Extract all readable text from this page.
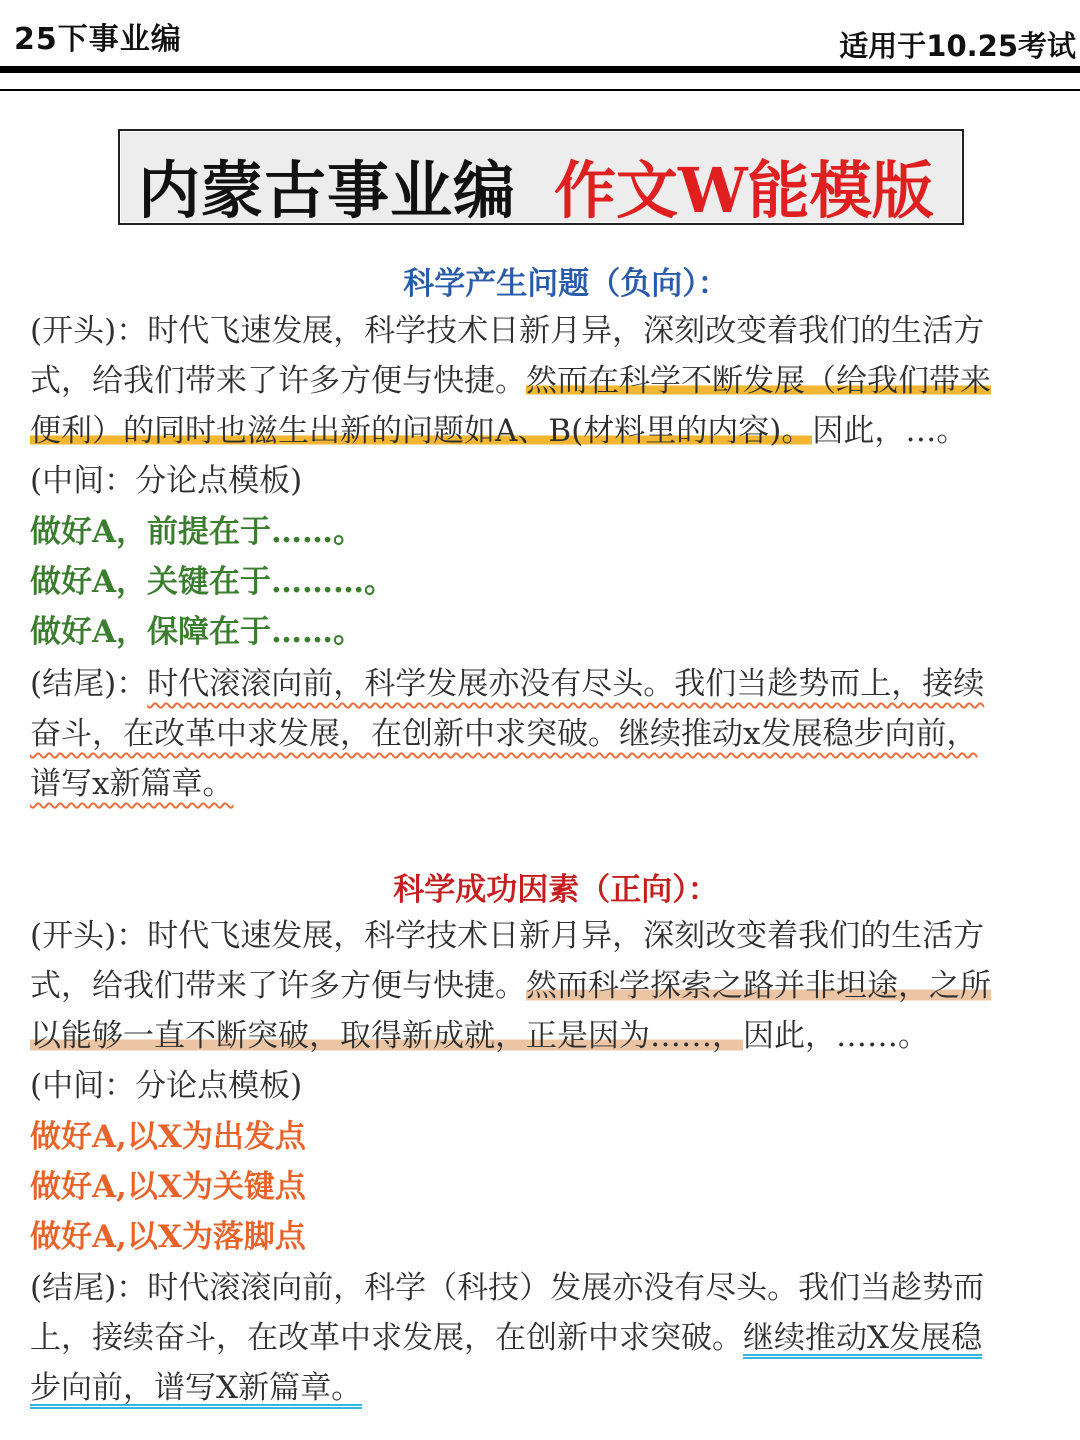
25下事业编	适用于10.25考试
内蒙古事业编 作文W能模版
科学产生问题（负向）：
(开头)：时代飞速发展，科学技术日新月异，深刻改变着我们的生活方
式，给我们带来了许多方便与快捷。然而在科学不断发展（给我们带来
便利）的同时也滋生出新的问题如A、B(材料里的内容)。因此，…。
(中间：分论点模板)
做好A，前提在于……。
做好A，关键在于………。
做好A，保障在于……。
(结尾)：时代滚滚向前，科学发展亦没有尽头。我们当趁势而上，接续
奋斗，在改革中求发展，在创新中求突破。继续推动x发展稳步向前，
谱写x新篇章。
科学成功因素（正向）：
(开头)：时代飞速发展，科学技术日新月异，深刻改变着我们的生活方
式，给我们带来了许多方便与快捷。然而科学探索之路并非坦途，之所
以能够一直不断突破，取得新成就，正是因为……，因此，……。
(中间：分论点模板)
做好A,以X为出发点
做好A,以X为关键点
做好A,以X为落脚点
(结尾)：时代滚滚向前，科学（科技）发展亦没有尽头。我们当趁势而
上，接续奋斗，在改革中求发展，在创新中求突破。继续推动X发展稳
步向前，谱写X新篇章。
